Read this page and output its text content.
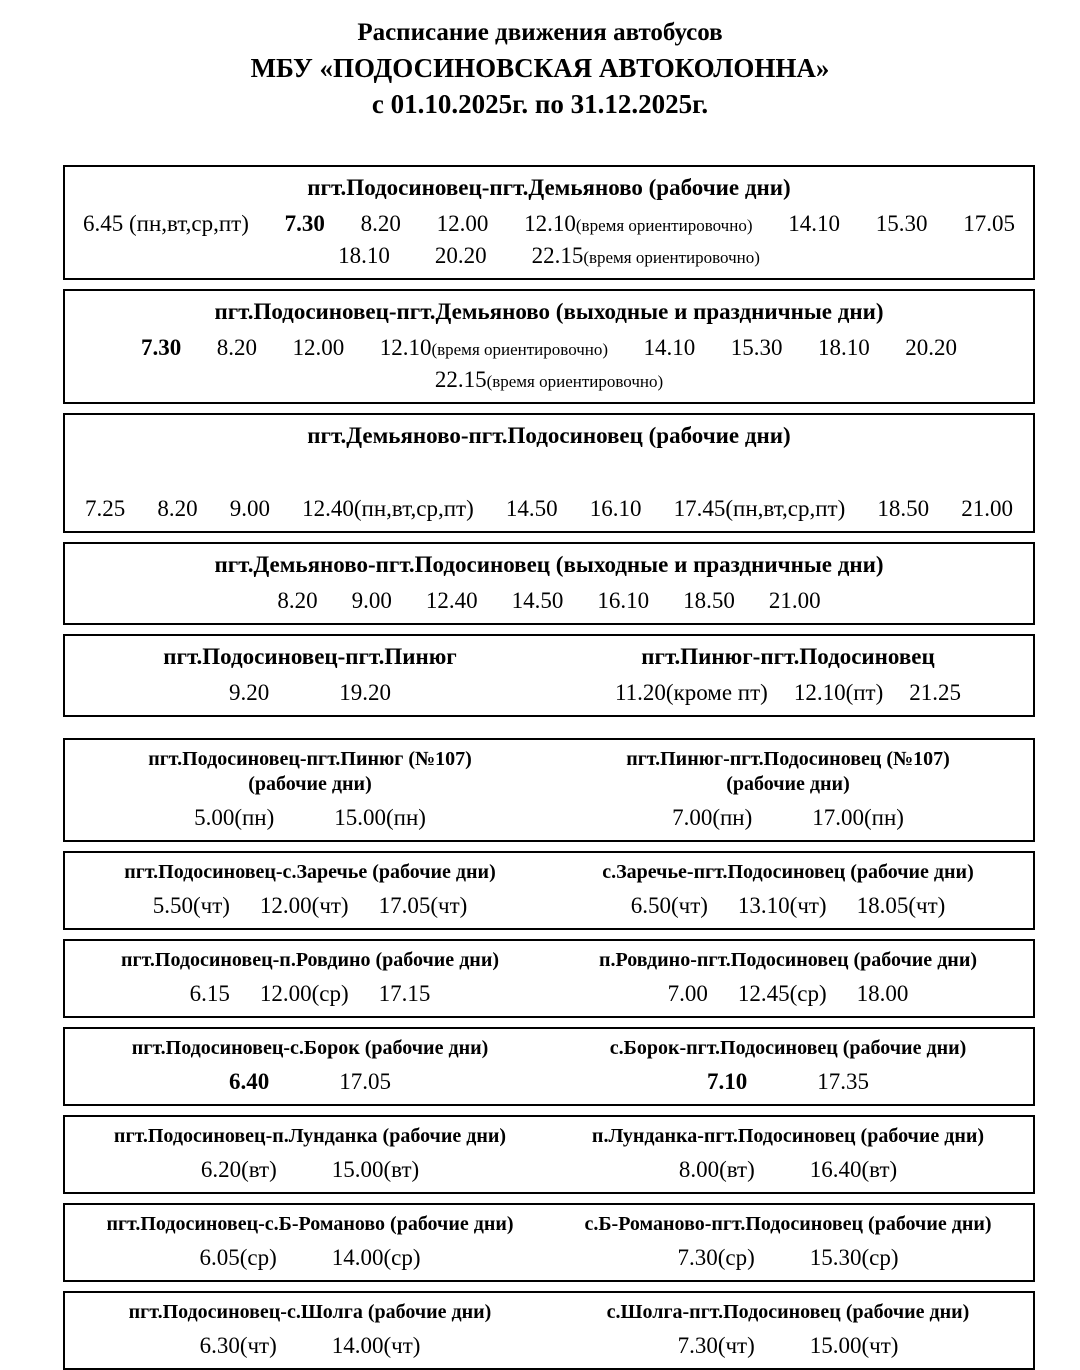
Расписание движения автобусов
МБУ «ПОДОСИНОВСКАЯ АВТОКОЛОННА»
с 01.10.2025г. по 31.12.2025г.
пгт.Подосиновец-пгт.Демьяново (рабочие дни)
6.45 (пн,вт,ср,пт) 7.30 8.20 12.00 12.10(время ориентировочно) 14.10 15.30 17.05
18.10 20.20 22.15(время ориентировочно)
пгт.Подосиновец-пгт.Демьяново (выходные и праздничные дни)
7.30 8.20 12.00 12.10(время ориентировочно) 14.10 15.30 18.10 20.20
22.15(время ориентировочно)
пгт.Демьяново-пгт.Подосиновец (рабочие дни)
7.25 8.20 9.00 12.40(пн,вт,ср,пт) 14.50 16.10 17.45(пн,вт,ср,пт) 18.50 21.00
пгт.Демьяново-пгт.Подосиновец (выходные и праздничные дни)
8.20 9.00 12.40 14.50 16.10 18.50 21.00
пгт.Подосиновец-пгт.Пинюг
9.20	19.20
пгт.Пинюг-пгт.Подосиновец
11.20(кроме пт) 12.10(пт) 21.25
пгт.Подосиновец-пгт.Пинюг (№107)
(рабочие дни)
5.00(пн)	15.00(пн)
пгт.Пинюг-пгт.Подосиновец (№107)
(рабочие дни)
7.00(пн)	17.00(пн)
пгт.Подосиновец-с.Заречье (рабочие дни)
5.50(чт) 12.00(чт) 17.05(чт)
с.Заречье-пгт.Подосиновец (рабочие дни)
6.50(чт) 13.10(чт) 18.05(чт)
пгт.Подосиновец-п.Ровдино (рабочие дни)
6.15 12.00(ср) 17.15
п.Ровдино-пгт.Подосиновец (рабочие дни)
7.00 12.45(ср) 18.00
пгт.Подосиновец-с.Борок (рабочие дни)
6.40	17.05
с.Борок-пгт.Подосиновец (рабочие дни)
7.10	17.35
пгт.Подосиновец-п.Лунданка (рабочие дни)
6.20(вт) 15.00(вт)
п.Лунданка-пгт.Подосиновец (рабочие дни)
8.00(вт) 16.40(вт)
пгт.Подосиновец-с.Б-Романово (рабочие дни)
6.05(ср) 14.00(ср)
с.Б-Романово-пгт.Подосиновец (рабочие дни)
7.30(ср) 15.30(ср)
пгт.Подосиновец-с.Шолга (рабочие дни)
6.30(чт) 14.00(чт)
с.Шолга-пгт.Подосиновец (рабочие дни)
7.30(чт) 15.00(чт)
